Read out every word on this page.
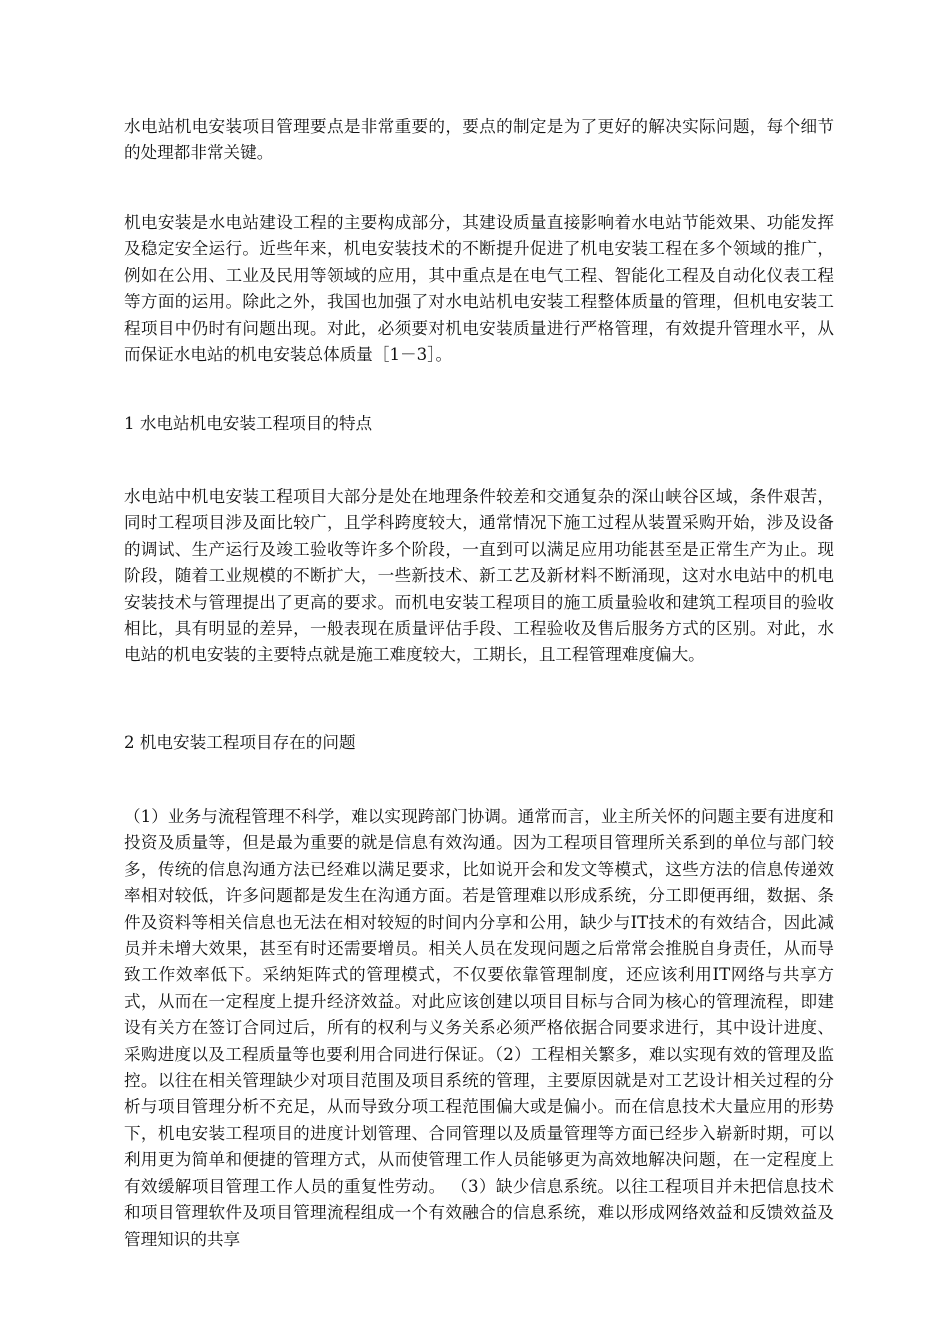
水电站机电安装项目管理要点是非常重要的，要点的制定是为了更好的解决实际问题，每个细节的处理都非常关键。

机电安装是水电站建设工程的主要构成部分，其建设质量直接影响着水电站节能效果、功能发挥及稳定安全运行。近些年来，机电安装技术的不断提升促进了机电安装工程在多个领域的推广，例如在公用、工业及民用等领域的应用，其中重点是在电气工程、智能化工程及自动化仪表工程等方面的运用。除此之外，我国也加强了对水电站机电安装工程整体质量的管理，但机电安装工程项目中仍时有问题出现。对此，必须要对机电安装质量进行严格管理，有效提升管理水平，从而保证水电站的机电安装总体质量［1－3］。

1 水电站机电安装工程项目的特点

水电站中机电安装工程项目大部分是处在地理条件较差和交通复杂的深山峡谷区域，条件艰苦，同时工程项目涉及面比较广，且学科跨度较大，通常情况下施工过程从装置采购开始，涉及设备的调试、生产运行及竣工验收等许多个阶段，一直到可以满足应用功能甚至是正常生产为止。现阶段，随着工业规模的不断扩大，一些新技术、新工艺及新材料不断涌现，这对水电站中的机电安装技术与管理提出了更高的要求。而机电安装工程项目的施工质量验收和建筑工程项目的验收相比，具有明显的差异，一般表现在质量评估手段、工程验收及售后服务方式的区别。对此，水电站的机电安装的主要特点就是施工难度较大，工期长，且工程管理难度偏大。

2 机电安装工程项目存在的问题

（1）业务与流程管理不科学，难以实现跨部门协调。通常而言，业主所关怀的问题主要有进度和投资及质量等，但是最为重要的就是信息有效沟通。因为工程项目管理所关系到的单位与部门较多，传统的信息沟通方法已经难以满足要求，比如说开会和发文等模式，这些方法的信息传递效率相对较低，许多问题都是发生在沟通方面。若是管理难以形成系统，分工即便再细，数据、条件及资料等相关信息也无法在相对较短的时间内分享和公用，缺少与IT技术的有效结合，因此减员并未增大效果，甚至有时还需要增员。相关人员在发现问题之后常常会推脱自身责任，从而导致工作效率低下。采纳矩阵式的管理模式，不仅要依靠管理制度，还应该利用IT网络与共享方式，从而在一定程度上提升经济效益。对此应该创建以项目目标与合同为核心的管理流程，即建设有关方在签订合同过后，所有的权利与义务关系必须严格依据合同要求进行，其中设计进度、采购进度以及工程质量等也要利用合同进行保证。（2）工程相关繁多，难以实现有效的管理及监控。以往在相关管理缺少对项目范围及项目系统的管理，主要原因就是对工艺设计相关过程的分析与项目管理分析不充足，从而导致分项工程范围偏大或是偏小。而在信息技术大量应用的形势下，机电安装工程项目的进度计划管理、合同管理以及质量管理等方面已经步入崭新时期，可以利用更为简单和便捷的管理方式，从而使管理工作人员能够更为高效地解决问题，在一定程度上有效缓解项目管理工作人员的重复性劳动。 （3）缺少信息系统。以往工程项目并未把信息技术和项目管理软件及项目管理流程组成一个有效融合的信息系统，难以形成网络效益和反馈效益及管理知识的共享
